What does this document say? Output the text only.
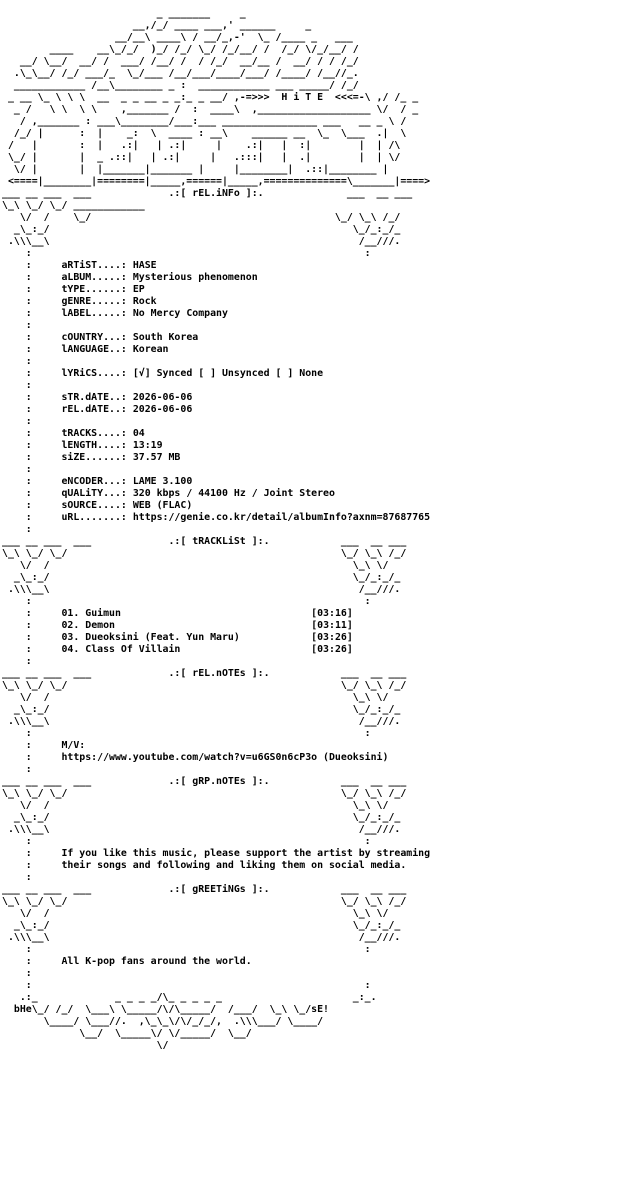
_ _______     _
__,/_/ ____ ___,' ______     _
__/__\ ____\ / __/_,-'  \_ /____ _   ___
____    __\_/_/  )_/ /_/ \_/ /_/__/ /  /_/ \/_/__/ /
__/ \__/  __/ /  ___/ /__/ /  / /_/  __/__ /  __/ / / /_/
.\_\__/ /_/ ___/_  \_/___ /__/___/____/___/ /____/ /__//_.
____________ /__\________ _ :  ____________ ___ _____/ /_/
_ __ \_ \ \ \  __  _ _ __ _ _:_ _ __/ ,-=>>>  H i T E  <<<=-\ ,/ /_ _
_ /   \ \  \ \    ,_______ /  :  ____\  ,___________________ \/  / _
/ ,_______ : ___\________/___:___ ________________ ___   __ _ \ /
/_/ |      :  |    _:  \  ____ : __\    ______ __  \_  \___  .|  \
/   |       :  |   .:|   | .:|     |    .:|   |  :|        |  | /\
\_/ |       |  _ .::|   | .:|     |   .:::|   |  .|        |  | \/
\/ |       |  |_______|_______ |     |________|  .::|________ |
<====|________|========|_____,======|_____,==============\_______|====>
___ __ ___  ___             .:[ rEL.iNFo ]:.	___  __ ___
\_\ \_/ \_/ ____________
\/  /    \_/                                         \_/ \_\ /_/
_\_:_/                                                   \_/_:_/_
.\\\__\                                                    /__///.
:                                                        :
:	aRTiST....: HASE
:	aLBUM.....: Mysterious phenomenon
:	tYPE......: EP
:	gENRE.....: Rock
:	lABEL.....: No Mercy Company
:
:	cOUNTRY...: South Korea
:	lANGUAGE..: Korean
:
:	lYRiCS....: [√] Synced [ ] Unsynced [ ] None
:
:	sTR.dATE..: 2026-06-06
:	rEL.dATE..: 2026-06-06
:
:	tRACKS....: 04
:	lENGTH....: 13:19
:	siZE......: 37.57 MB
:
:	eNCODER...: LAME 3.100
:	qUALiTY...: 320 kbps / 44100 Hz / Joint Stereo
:	sOURCE....: WEB (FLAC)
:	uRL.......: https://genie.co.kr/detail/albumInfo?axnm=87687765
:
___ __ ___  ___	.:[ tRACKLiSt ]:.	___  __ ___
\_\ \_/ \_/                                              \_/ \_\ /_/
\/  /                                                   \_\ \/
_\_:_/                                                   \_/_:_/_
.\\\__\                                                    /__///.
:                                                        :
:	01. Guimun	[03:16]
:	02. Demon	[03:11]
:	03. Dueoksini (Feat. Yun Maru)	[03:26]
:	04. Class Of Villain	[03:26]
:
___ __ ___  ___	.:[ rEL.nOTEs ]:.	___  __ ___
\_\ \_/ \_/                                              \_/ \_\ /_/
\/  /                                                   \_\ \/
_\_:_/                                                   \_/_:_/_
.\\\__\                                                    /__///.
:                                                        :
:	M/V:
:	https://www.youtube.com/watch?v=u6GS0n6cP3o (Dueoksini)
:
___ __ ___  ___	.:[ gRP.nOTEs ]:.	___  __ ___
\_\ \_/ \_/                                              \_/ \_\ /_/
\/  /                                                   \_\ \/
_\_:_/                                                   \_/_:_/_
.\\\__\                                                    /__///.
:                                                        :
:	If you like this music, please support the artist by streaming
:	their songs and following and liking them on social media.
:
___ __ ___  ___	.:[ gREETiNGs ]:.	___  __ ___
\_\ \_/ \_/                                              \_/ \_\ /_/
\/  /                                                   \_\ \/
_\_:_/                                                   \_/_:_/_
.\\\__\                                                    /__///.
:                                                        :
:	All K-pop fans around the world.
:
:                                                        :
.:_             _ _ _ _/\_ _ _ _ _                      _:_.
bHe\_/ /_/  \___\ \_____/\/\_____/  /___/  \_\ \_/sE!
\____/ \___//.  ,\_\_\/\/_/_/,  .\\\___/ \____/
\__/  \_____\/ \/_____/  \__/
\/
